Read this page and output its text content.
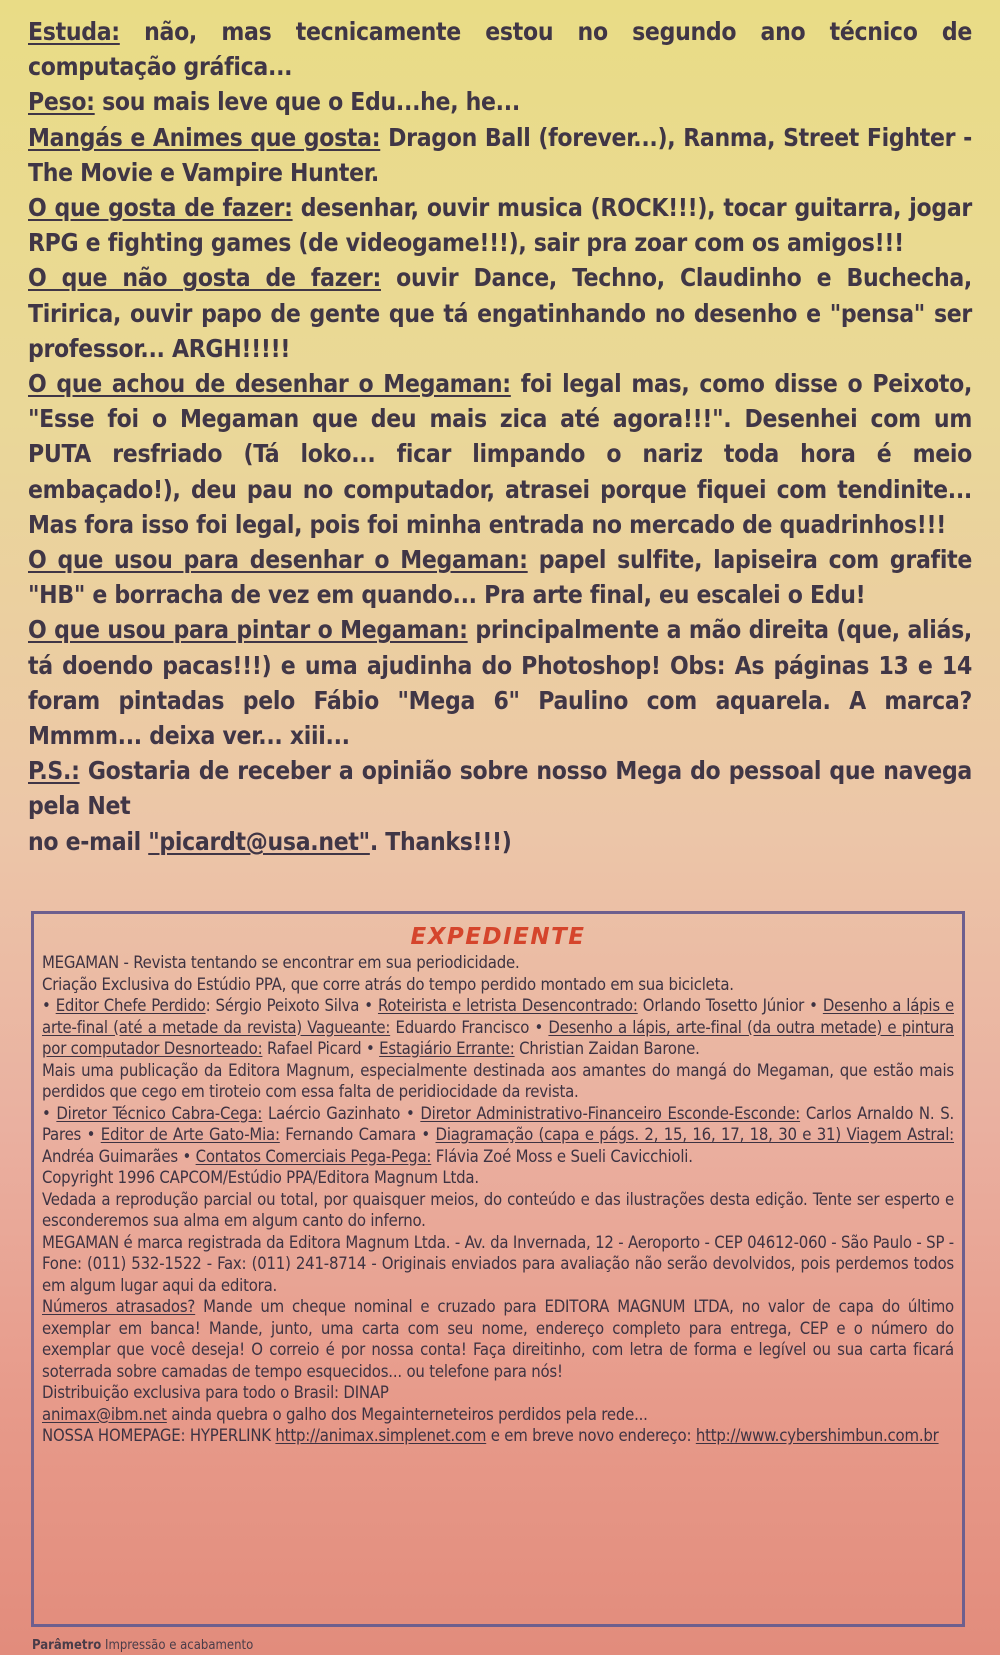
Estuda: não, mas tecnicamente estou no segundo ano técnico de computação gráfica...

Peso: sou mais leve que o Edu...he, he...

Mangás e Animes que gosta: Dragon Ball (forever...), Ranma, Street Fighter - The Movie e Vampire Hunter.

O que gosta de fazer: desenhar, ouvir musica (ROCK!!!), tocar guitarra, jogar RPG e fighting games (de videogame!!!), sair pra zoar com os amigos!!!

O que não gosta de fazer: ouvir Dance, Techno, Claudinho e Buchecha, Tiririca, ouvir papo de gente que tá engatinhando no desenho e "pensa" ser professor... ARGH!!!!!

O que achou de desenhar o Megaman: foi legal mas, como disse o Peixoto, "Esse foi o Megaman que deu mais zica até agora!!!". Desenhei com um PUTA resfriado (Tá loko... ficar limpando o nariz toda hora é meio embaçado!), deu pau no computador, atrasei porque fiquei com tendinite... Mas fora isso foi legal, pois foi minha entrada no mercado de quadrinhos!!!

O que usou para desenhar o Megaman: papel sulfite, lapiseira com grafite "HB" e borracha de vez em quando... Pra arte final, eu escalei o Edu!

O que usou para pintar o Megaman: principalmente a mão direita (que, aliás, tá doendo pacas!!!) e uma ajudinha do Photoshop! Obs: As páginas 13 e 14 foram pintadas pelo Fábio "Mega 6" Paulino com aquarela. A marca? Mmmm... deixa ver... xiii...

P.S.: Gostaria de receber a opinião sobre nosso Mega do pessoal que navega pela Net

no e-mail "picardt@usa.net". Thanks!!!)

EXPEDIENTE

MEGAMAN - Revista tentando se encontrar em sua periodicidade.

Criação Exclusiva do Estúdio PPA, que corre atrás do tempo perdido montado em sua bicicleta.

• Editor Chefe Perdido: Sérgio Peixoto Silva • Roteirista e letrista Desencontrado: Orlando Tosetto Júnior • Desenho a lápis e arte-final (até a metade da revista) Vagueante: Eduardo Francisco • Desenho a lápis, arte-final (da outra metade) e pintura por computador Desnorteado: Rafael Picard • Estagiário Errante: Christian Zaidan Barone.

Mais uma publicação da Editora Magnum, especialmente destinada aos amantes do mangá do Megaman, que estão mais perdidos que cego em tiroteio com essa falta de peridiocidade da revista.

• Diretor Técnico Cabra-Cega: Laércio Gazinhato • Diretor Administrativo-Financeiro Esconde-Esconde: Carlos Arnaldo N. S. Pares • Editor de Arte Gato-Mia: Fernando Camara • Diagramação (capa e págs. 2, 15, 16, 17, 18, 30 e 31) Viagem Astral: Andréa Guimarães • Contatos Comerciais Pega-Pega: Flávia Zoé Moss e Sueli Cavicchioli.

Copyright 1996 CAPCOM/Estúdio PPA/Editora Magnum Ltda.

Vedada a reprodução parcial ou total, por quaisquer meios, do conteúdo e das ilustrações desta edição. Tente ser esperto e esconderemos sua alma em algum canto do inferno.

MEGAMAN é marca registrada da Editora Magnum Ltda. - Av. da Invernada, 12 - Aeroporto - CEP 04612-060 - São Paulo - SP - Fone: (011) 532-1522 - Fax: (011) 241-8714 - Originais enviados para avaliação não serão devolvidos, pois perdemos todos em algum lugar aqui da editora.

Números atrasados? Mande um cheque nominal e cruzado para EDITORA MAGNUM LTDA, no valor de capa do último exemplar em banca! Mande, junto, uma carta com seu nome, endereço completo para entrega, CEP e o número do exemplar que você deseja! O correio é por nossa conta! Faça direitinho, com letra de forma e legível ou sua carta ficará soterrada sobre camadas de tempo esquecidos... ou telefone para nós!

Distribuição exclusiva para todo o Brasil: DINAP

animax@ibm.net ainda quebra o galho dos Megainterneteiros perdidos pela rede...

NOSSA HOMEPAGE: HYPERLINK http://animax.simplenet.com e em breve novo endereço: http://www.cybershimbun.com.br

Parâmetro Impressão e acabamento
